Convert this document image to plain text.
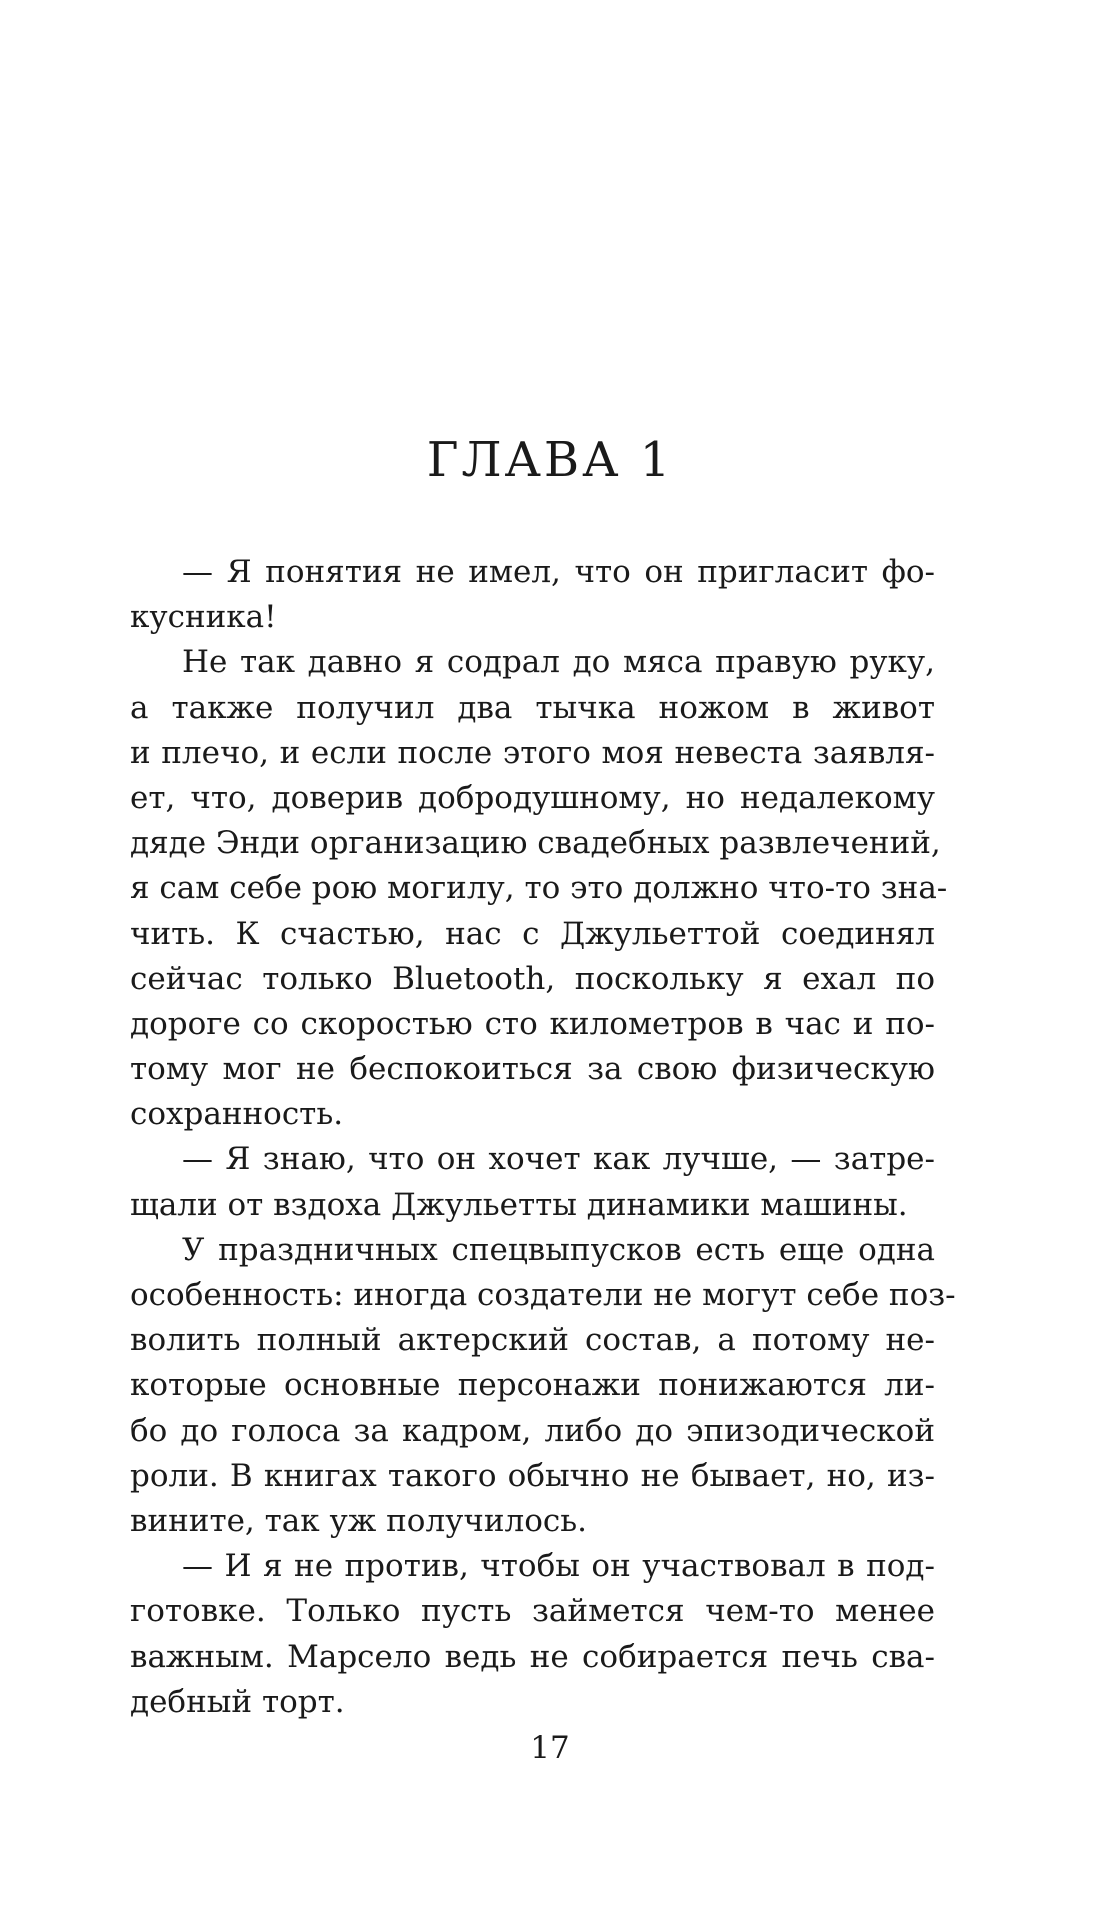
ГЛАВА 1
— Я понятия не имел, что он пригласит фо-
кусника!
Не так давно я содрал до мяса правую руку,
а также получил два тычка ножом в живот
и плечо, и если после этого моя невеста заявля-
ет, что, доверив добродушному, но недалекому
дяде Энди организацию свадебных развлечений,
я сам себе рою могилу, то это должно что-то зна-
чить. К счастью, нас с Джульеттой соединял
сейчас только Bluetooth, поскольку я ехал по
дороге со скоростью сто километров в час и по-
тому мог не беспокоиться за свою физическую
сохранность.
— Я знаю, что он хочет как лучше, — затре-
щали от вздоха Джульетты динамики машины.
У праздничных спецвыпусков есть еще одна
особенность: иногда создатели не могут себе поз-
волить полный актерский состав, а потому не-
которые основные персонажи понижаются ли-
бо до голоса за кадром, либо до эпизодической
роли. В книгах такого обычно не бывает, но, из-
вините, так уж получилось.
— И я не против, чтобы он участвовал в под-
готовке. Только пусть займется чем-то менее
важным. Марсело ведь не собирается печь сва-
дебный торт.
17
